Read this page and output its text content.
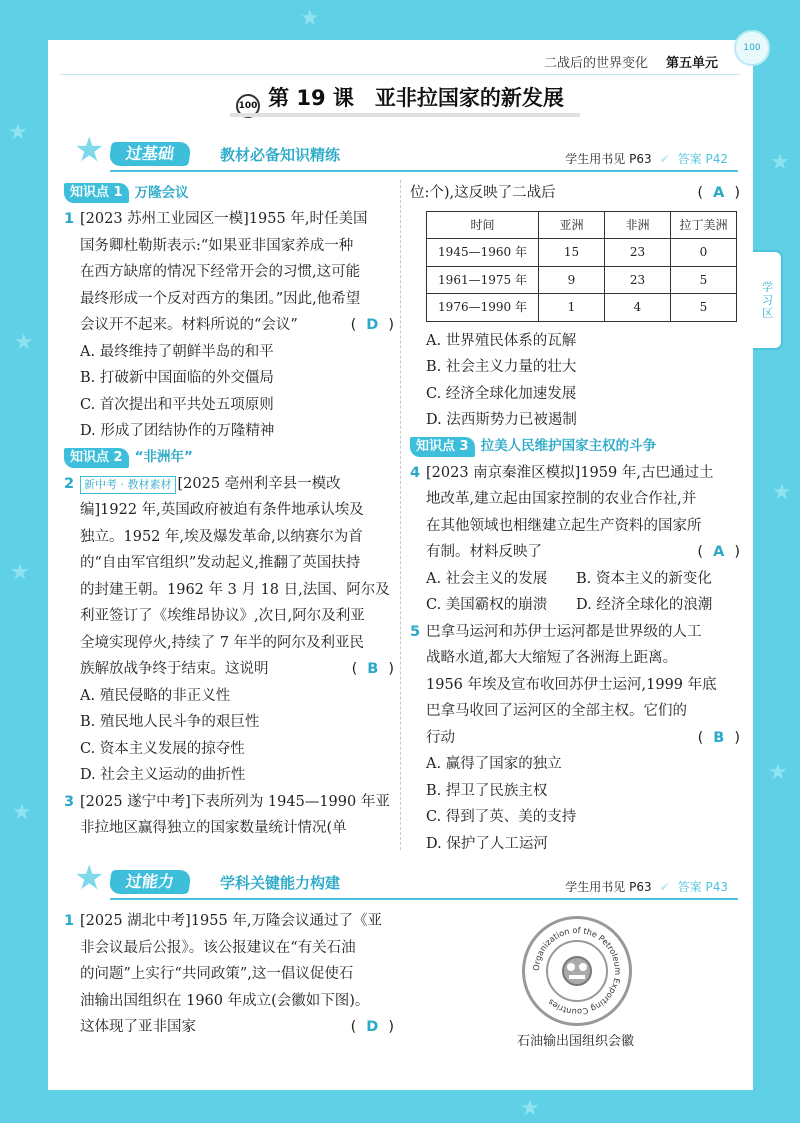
★
★
★
★
★
★
★
★
★
100
学习区
二战后的世界变化 第五单元
100 第 19 课　亚非拉国家的新发展
★	过基础	教材必备知识精练	学生用书见 P63 ✔ 答案 P42
知识点 1 万隆会议
1 [2023 苏州工业园区一模]1955 年,时任美国

国务卿杜勒斯表示:“如果亚非国家养成一种

在西方缺席的情况下经常开会的习惯,这可能

最终形成一个反对西方的集团。”因此,他希望

会议开不起来。材料所说的“会议”	( D )

A. 最终维持了朝鲜半岛的和平

B. 打破新中国面临的外交僵局

C. 首次提出和平共处五项原则

D. 形成了团结协作的万隆精神

知识点 2 “非洲年”
2 新中考 · 教材素材 [2025 亳州利辛县一模改

编]1922 年,英国政府被迫有条件地承认埃及

独立。1952 年,埃及爆发革命,以纳赛尔为首

的“自由军官组织”发动起义,推翻了英国扶持

的封建王朝。1962 年 3 月 18 日,法国、阿尔及

利亚签订了《埃维昂协议》,次日,阿尔及利亚

全境实现停火,持续了 7 年半的阿尔及利亚民

族解放战争终于结束。这说明	( B )

A. 殖民侵略的非正义性

B. 殖民地人民斗争的艰巨性

C. 资本主义发展的掠夺性

D. 社会主义运动的曲折性

3 [2025 遂宁中考]下表所列为 1945—1990 年亚

非拉地区赢得独立的国家数量统计情况(单

位:个),这反映了二战后	( A )

时间	亚洲	非洲	拉丁美洲
1945—1960 年	15	23	0
1961—1975 年	9	23	5
1976—1990 年	1	4	5

A. 世界殖民体系的瓦解

B. 社会主义力量的壮大

C. 经济全球化加速发展

D. 法西斯势力已被遏制

知识点 3 拉美人民维护国家主权的斗争
4 [2023 南京秦淮区模拟]1959 年,古巴通过土

地改革,建立起由国家控制的农业合作社,并

在其他领域也相继建立起生产资料的国家所

有制。材料反映了	( A )

A. 社会主义的发展	B. 资本主义的新变化
C. 美国霸权的崩溃	D. 经济全球化的浪潮
5 巴拿马运河和苏伊士运河都是世界级的人工

战略水道,都大大缩短了各洲海上距离。

1956 年埃及宣布收回苏伊士运河,1999 年底

巴拿马收回了运河区的全部主权。它们的

行动	( B )

A. 赢得了国家的独立

B. 捍卫了民族主权

C. 得到了英、美的支持

D. 保护了人工运河

★	过能力	学科关键能力构建	学生用书见 P63 ✔ 答案 P43
1 [2025 湖北中考]1955 年,万隆会议通过了《亚

非会议最后公报》。该公报建议在“有关石油

的问题”上实行“共同政策”,这一倡议促使石

油输出国组织在 1960 年成立(会徽如下图)。

这体现了亚非国家	( D )

Organization of the Petroleum Exporting Countries
石油输出国组织会徽
七年级 历史
下册 配人教 63
